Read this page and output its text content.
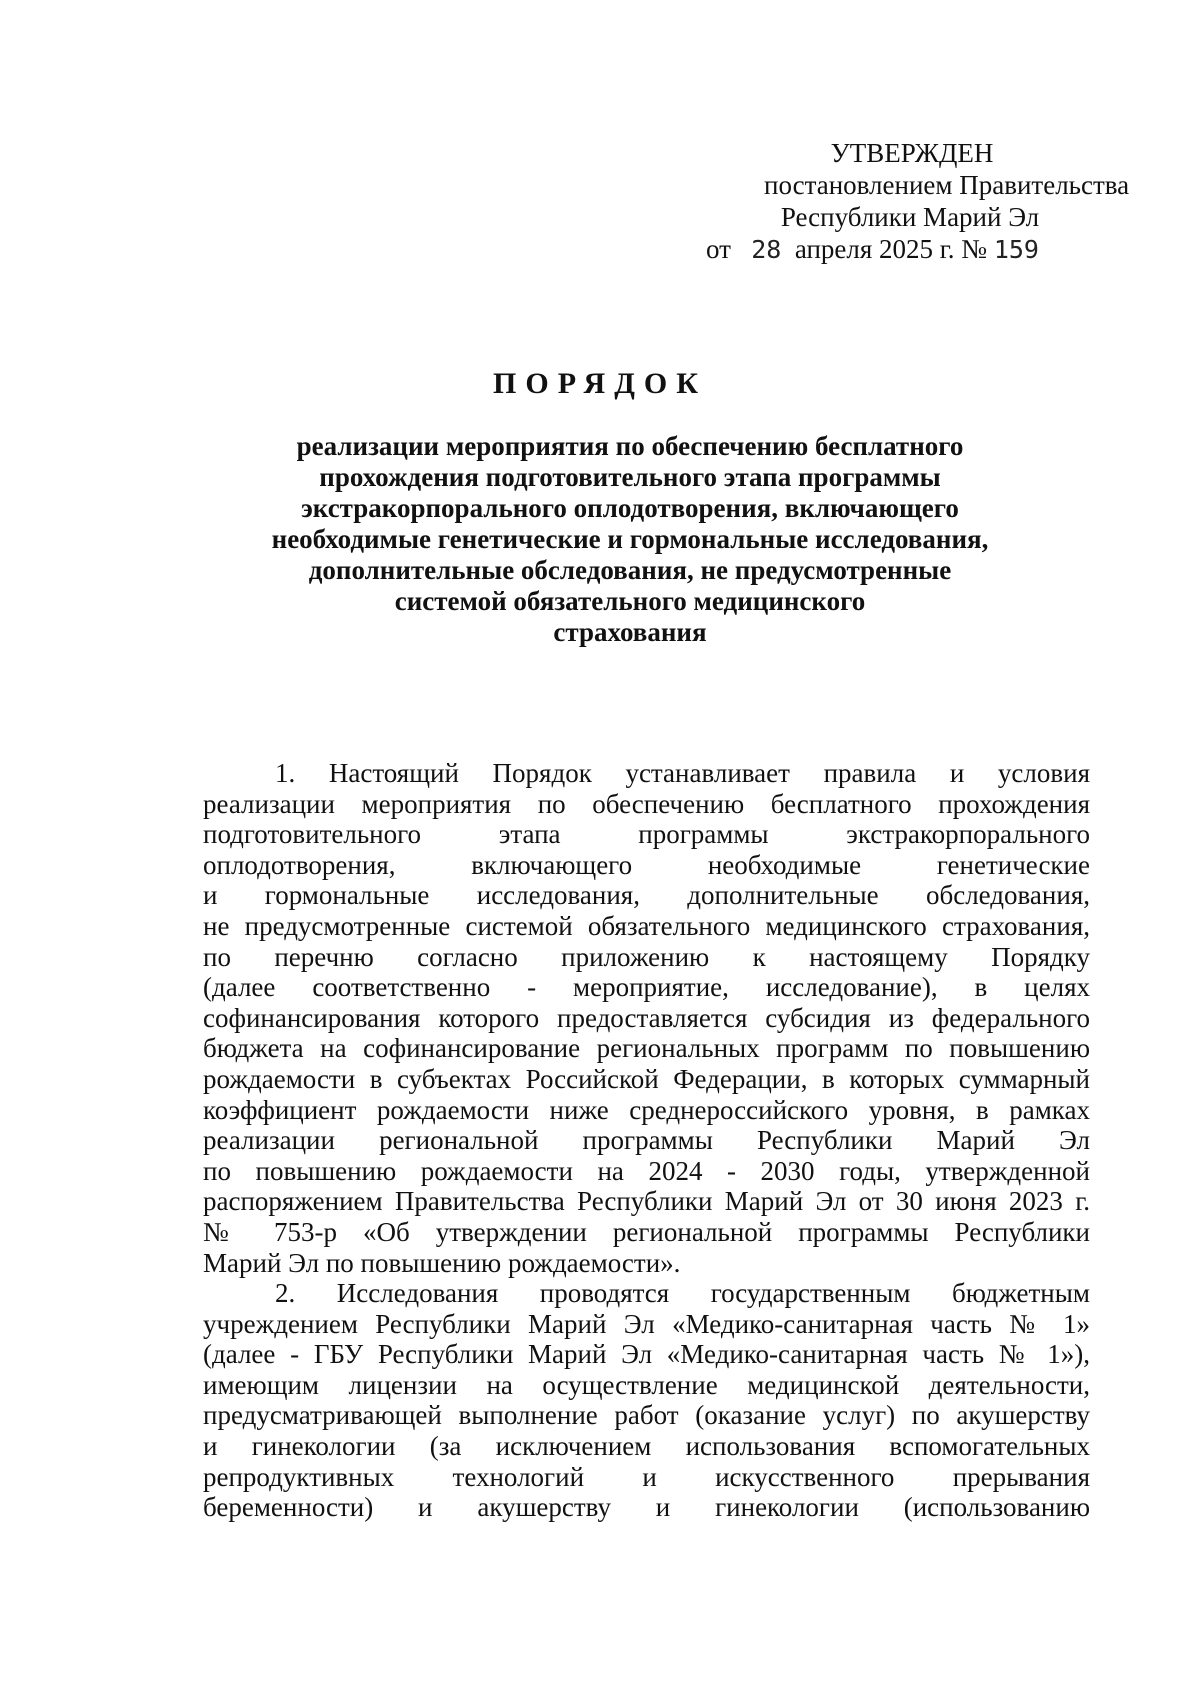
УТВЕРЖДЕН
постановлением Правительства
Республики Марий Эл
от 28 апреля 2025 г. № 159
ПОРЯДОК
реализации мероприятия по обеспечению бесплатного
прохождения подготовительного этапа программы
экстракорпорального оплодотворения, включающего
необходимые генетические и гормональные исследования,
дополнительные обследования, не предусмотренные
системой обязательного медицинского
страхования
1. Настоящий Порядок устанавливает правила и условия
реализации мероприятия по обеспечению бесплатного прохождения
подготовительного этапа программы экстракорпорального
оплодотворения, включающего необходимые генетические
и гормональные исследования, дополнительные обследования,
не предусмотренные системой обязательного медицинского страхования,
по перечню согласно приложению к настоящему Порядку
(далее соответственно - мероприятие, исследование), в целях
софинансирования которого предоставляется субсидия из федерального
бюджета на софинансирование региональных программ по повышению
рождаемости в субъектах Российской Федерации, в которых суммарный
коэффициент рождаемости ниже среднероссийского уровня, в рамках
реализации региональной программы Республики Марий Эл
по повышению рождаемости на 2024 - 2030 годы, утвержденной
распоряжением Правительства Республики Марий Эл от 30 июня 2023 г.
№ 753-р «Об утверждении региональной программы Республики
Марий Эл по повышению рождаемости».
2. Исследования проводятся государственным бюджетным
учреждением Республики Марий Эл «Медико-санитарная часть № 1»
(далее - ГБУ Республики Марий Эл «Медико-санитарная часть № 1»),
имеющим лицензии на осуществление медицинской деятельности,
предусматривающей выполнение работ (оказание услуг) по акушерству
и гинекологии (за исключением использования вспомогательных
репродуктивных технологий и искусственного прерывания
беременности) и акушерству и гинекологии (использованию
